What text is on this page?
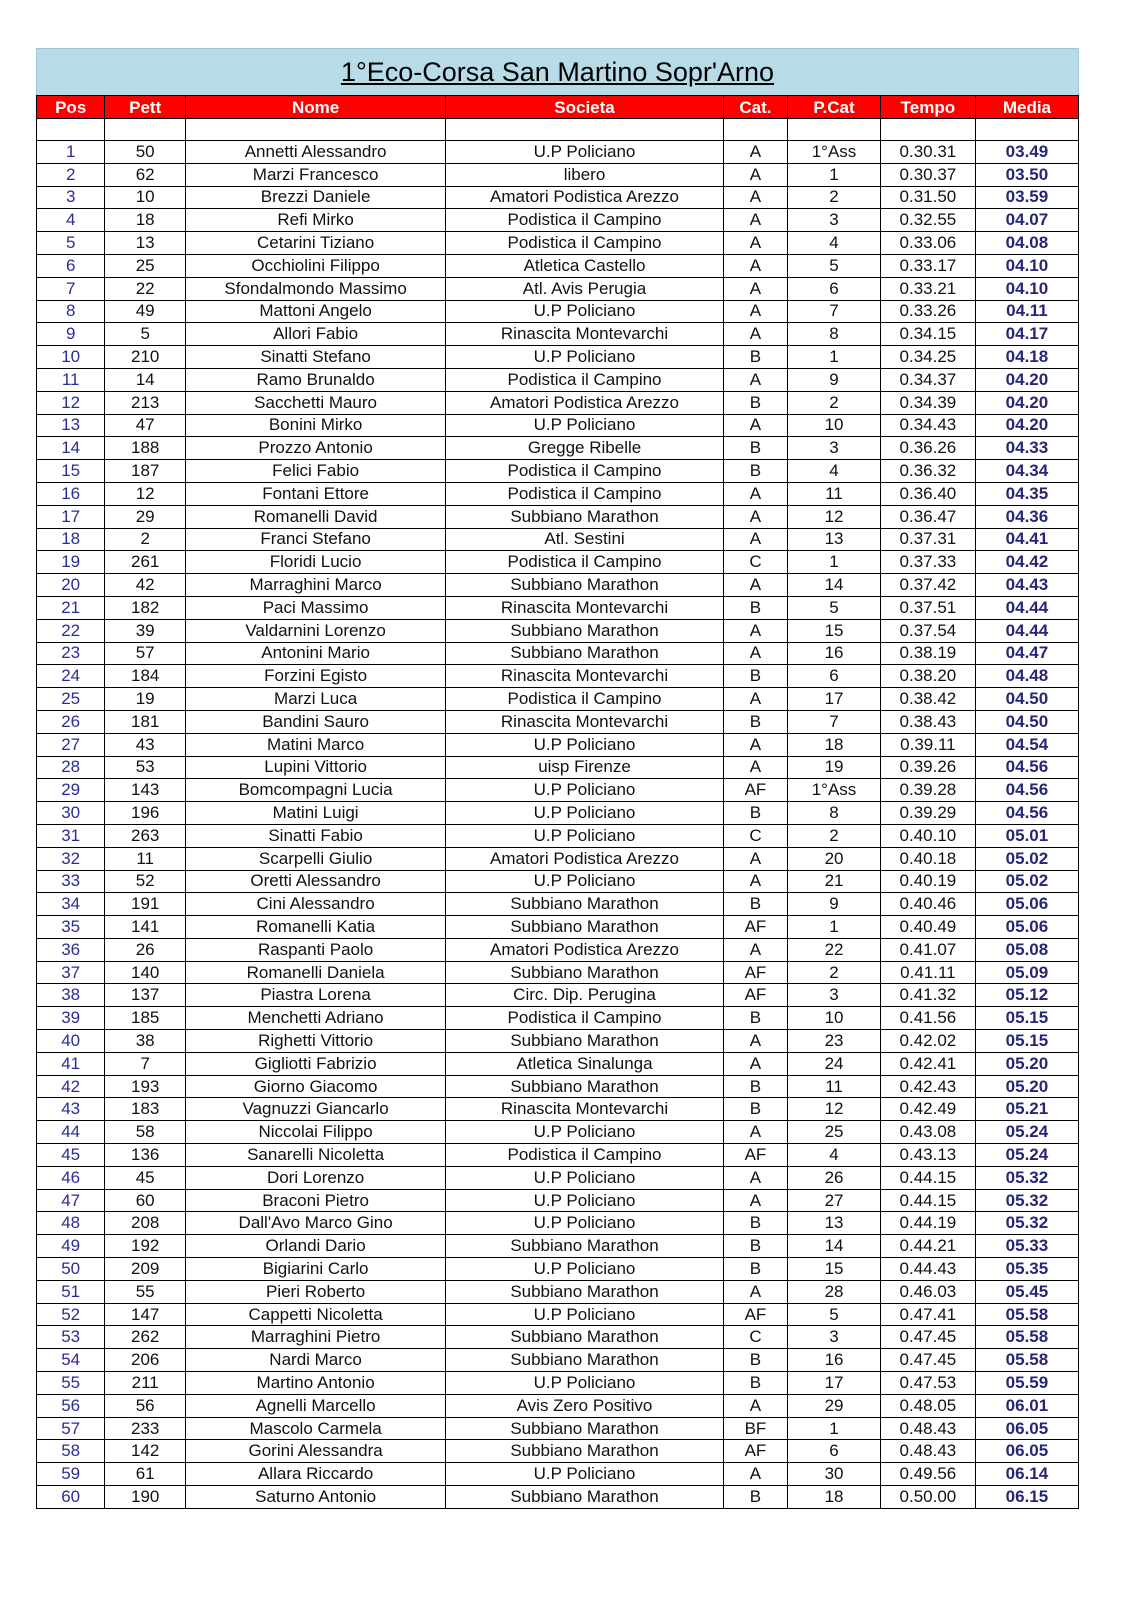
1°Eco-Corsa San Martino Sopr'Arno
Pos	Pett	Nome	Societa	Cat.	P.Cat	Tempo	Media

1	50	Annetti Alessandro	U.P Policiano	A	1°Ass	0.30.31	03.49
2	62	Marzi Francesco	libero	A	1	0.30.37	03.50
3	10	Brezzi Daniele	Amatori Podistica Arezzo	A	2	0.31.50	03.59
4	18	Refi Mirko	Podistica il Campino	A	3	0.32.55	04.07
5	13	Cetarini Tiziano	Podistica il Campino	A	4	0.33.06	04.08
6	25	Occhiolini Filippo	Atletica Castello	A	5	0.33.17	04.10
7	22	Sfondalmondo Massimo	Atl. Avis Perugia	A	6	0.33.21	04.10
8	49	Mattoni Angelo	U.P Policiano	A	7	0.33.26	04.11
9	5	Allori Fabio	Rinascita Montevarchi	A	8	0.34.15	04.17
10	210	Sinatti Stefano	U.P Policiano	B	1	0.34.25	04.18
11	14	Ramo Brunaldo	Podistica il Campino	A	9	0.34.37	04.20
12	213	Sacchetti Mauro	Amatori Podistica Arezzo	B	2	0.34.39	04.20
13	47	Bonini Mirko	U.P Policiano	A	10	0.34.43	04.20
14	188	Prozzo Antonio	Gregge Ribelle	B	3	0.36.26	04.33
15	187	Felici Fabio	Podistica il Campino	B	4	0.36.32	04.34
16	12	Fontani Ettore	Podistica il Campino	A	11	0.36.40	04.35
17	29	Romanelli David	Subbiano Marathon	A	12	0.36.47	04.36
18	2	Franci Stefano	Atl. Sestini	A	13	0.37.31	04.41
19	261	Floridi Lucio	Podistica il Campino	C	1	0.37.33	04.42
20	42	Marraghini Marco	Subbiano Marathon	A	14	0.37.42	04.43
21	182	Paci Massimo	Rinascita Montevarchi	B	5	0.37.51	04.44
22	39	Valdarnini Lorenzo	Subbiano Marathon	A	15	0.37.54	04.44
23	57	Antonini Mario	Subbiano Marathon	A	16	0.38.19	04.47
24	184	Forzini Egisto	Rinascita Montevarchi	B	6	0.38.20	04.48
25	19	Marzi Luca	Podistica il Campino	A	17	0.38.42	04.50
26	181	Bandini Sauro	Rinascita Montevarchi	B	7	0.38.43	04.50
27	43	Matini Marco	U.P Policiano	A	18	0.39.11	04.54
28	53	Lupini Vittorio	uisp Firenze	A	19	0.39.26	04.56
29	143	Bomcompagni Lucia	U.P Policiano	AF	1°Ass	0.39.28	04.56
30	196	Matini Luigi	U.P Policiano	B	8	0.39.29	04.56
31	263	Sinatti Fabio	U.P Policiano	C	2	0.40.10	05.01
32	11	Scarpelli Giulio	Amatori Podistica Arezzo	A	20	0.40.18	05.02
33	52	Oretti Alessandro	U.P Policiano	A	21	0.40.19	05.02
34	191	Cini Alessandro	Subbiano Marathon	B	9	0.40.46	05.06
35	141	Romanelli Katia	Subbiano Marathon	AF	1	0.40.49	05.06
36	26	Raspanti Paolo	Amatori Podistica Arezzo	A	22	0.41.07	05.08
37	140	Romanelli Daniela	Subbiano Marathon	AF	2	0.41.11	05.09
38	137	Piastra Lorena	Circ. Dip. Perugina	AF	3	0.41.32	05.12
39	185	Menchetti Adriano	Podistica il Campino	B	10	0.41.56	05.15
40	38	Righetti Vittorio	Subbiano Marathon	A	23	0.42.02	05.15
41	7	Gigliotti Fabrizio	Atletica Sinalunga	A	24	0.42.41	05.20
42	193	Giorno Giacomo	Subbiano Marathon	B	11	0.42.43	05.20
43	183	Vagnuzzi Giancarlo	Rinascita Montevarchi	B	12	0.42.49	05.21
44	58	Niccolai Filippo	U.P Policiano	A	25	0.43.08	05.24
45	136	Sanarelli Nicoletta	Podistica il Campino	AF	4	0.43.13	05.24
46	45	Dori Lorenzo	U.P Policiano	A	26	0.44.15	05.32
47	60	Braconi Pietro	U.P Policiano	A	27	0.44.15	05.32
48	208	Dall'Avo Marco Gino	U.P Policiano	B	13	0.44.19	05.32
49	192	Orlandi Dario	Subbiano Marathon	B	14	0.44.21	05.33
50	209	Bigiarini Carlo	U.P Policiano	B	15	0.44.43	05.35
51	55	Pieri Roberto	Subbiano Marathon	A	28	0.46.03	05.45
52	147	Cappetti Nicoletta	U.P Policiano	AF	5	0.47.41	05.58
53	262	Marraghini Pietro	Subbiano Marathon	C	3	0.47.45	05.58
54	206	Nardi Marco	Subbiano Marathon	B	16	0.47.45	05.58
55	211	Martino Antonio	U.P Policiano	B	17	0.47.53	05.59
56	56	Agnelli Marcello	Avis Zero Positivo	A	29	0.48.05	06.01
57	233	Mascolo Carmela	Subbiano Marathon	BF	1	0.48.43	06.05
58	142	Gorini Alessandra	Subbiano Marathon	AF	6	0.48.43	06.05
59	61	Allara Riccardo	U.P Policiano	A	30	0.49.56	06.14
60	190	Saturno Antonio	Subbiano Marathon	B	18	0.50.00	06.15
